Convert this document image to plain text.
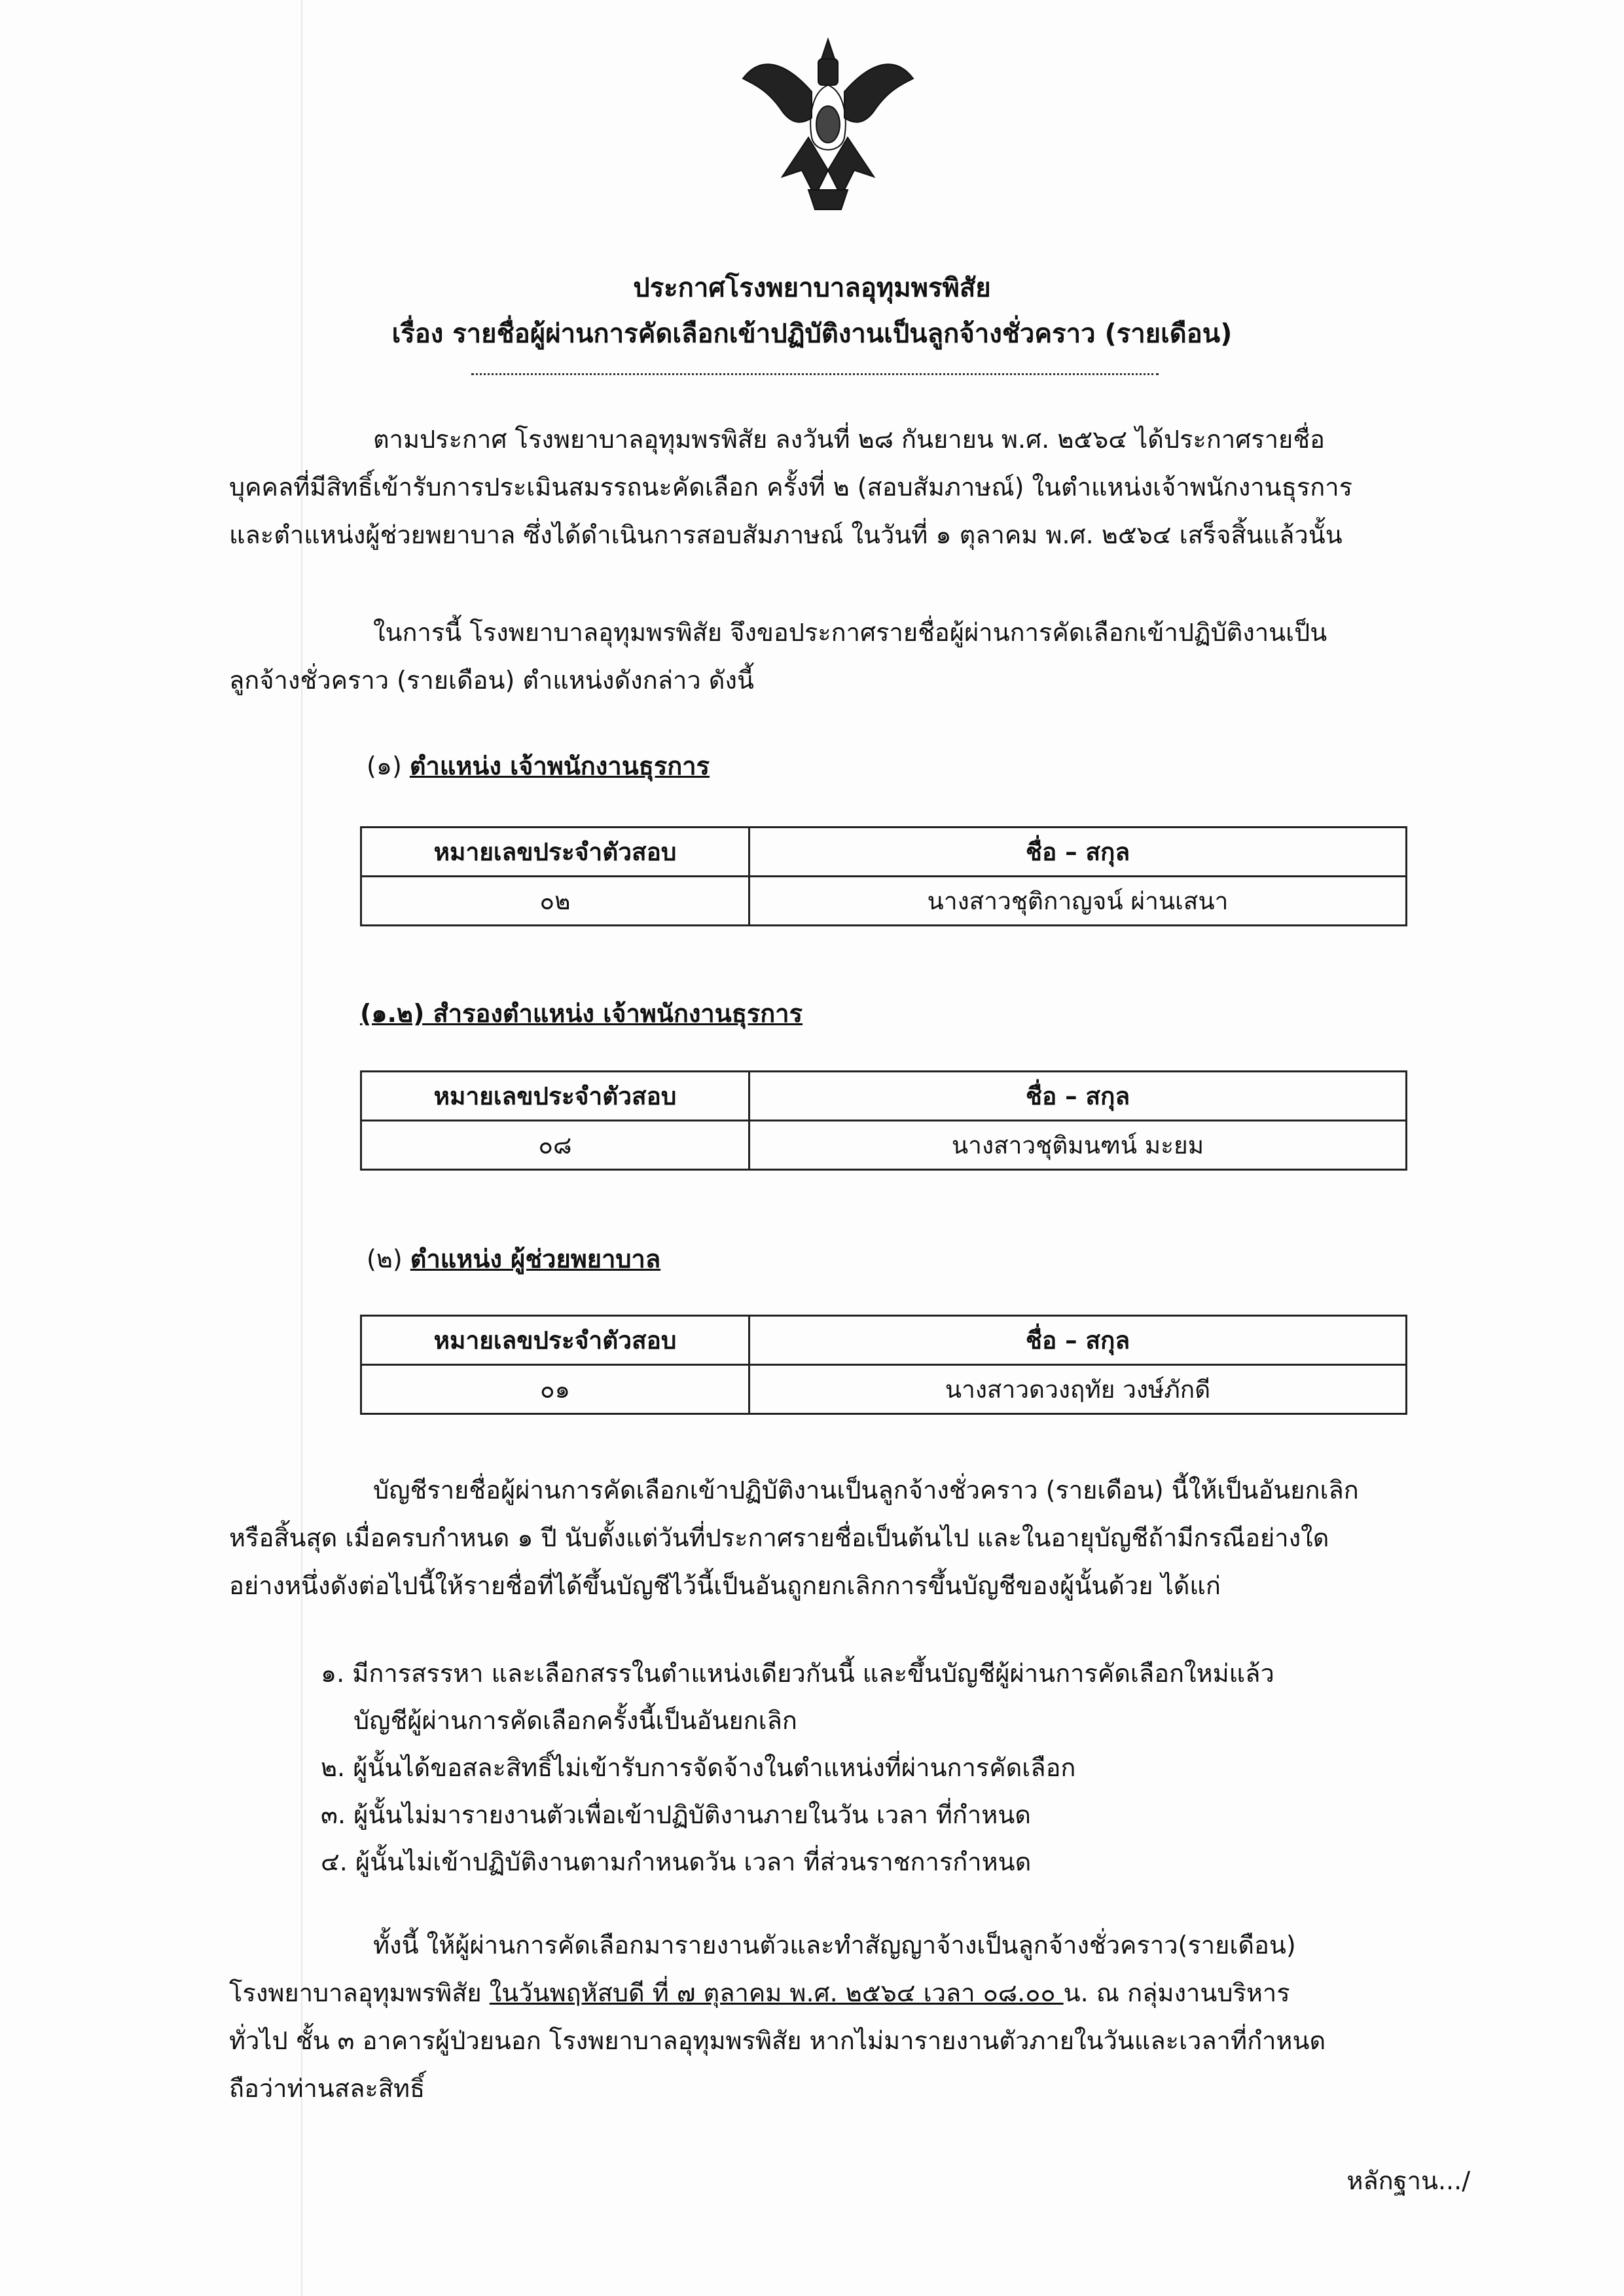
ประกาศโรงพยาบาลอุทุมพรพิสัย
เรื่อง รายชื่อผู้ผ่านการคัดเลือกเข้าปฏิบัติงานเป็นลูกจ้างชั่วคราว (รายเดือน)

ตามประกาศ โรงพยาบาลอุทุมพรพิสัย ลงวันที่ ๒๘ กันยายน พ.ศ. ๒๕๖๔ ได้ประกาศรายชื่อ

บุคคลที่มีสิทธิ์เข้ารับการประเมินสมรรถนะคัดเลือก ครั้งที่ ๒ (สอบสัมภาษณ์) ในตำแหน่งเจ้าพนักงานธุรการ

และตำแหน่งผู้ช่วยพยาบาล ซึ่งได้ดำเนินการสอบสัมภาษณ์ ในวันที่ ๑ ตุลาคม พ.ศ. ๒๕๖๔ เสร็จสิ้นแล้วนั้น

ในการนี้ โรงพยาบาลอุทุมพรพิสัย จึงขอประกาศรายชื่อผู้ผ่านการคัดเลือกเข้าปฏิบัติงานเป็น

ลูกจ้างชั่วคราว (รายเดือน) ตำแหน่งดังกล่าว ดังนี้

(๑) ตำแหน่ง เจ้าพนักงานธุรการ
หมายเลขประจำตัวสอบ	ชื่อ – สกุล
๐๒	นางสาวชุติกาญจน์ ผ่านเสนา
(๑.๒) สำรองตำแหน่ง เจ้าพนักงานธุรการ
หมายเลขประจำตัวสอบ	ชื่อ – สกุล
๐๘	นางสาวชุติมนฑน์ มะยม
(๒) ตำแหน่ง ผู้ช่วยพยาบาล
หมายเลขประจำตัวสอบ	ชื่อ – สกุล
๐๑	นางสาวดวงฤทัย วงษ์ภักดี

บัญชีรายชื่อผู้ผ่านการคัดเลือกเข้าปฏิบัติงานเป็นลูกจ้างชั่วคราว (รายเดือน) นี้ให้เป็นอันยกเลิก

หรือสิ้นสุด เมื่อครบกำหนด ๑ ปี นับตั้งแต่วันที่ประกาศรายชื่อเป็นต้นไป และในอายุบัญชีถ้ามีกรณีอย่างใด

อย่างหนึ่งดังต่อไปนี้ให้รายชื่อที่ได้ขึ้นบัญชีไว้นี้เป็นอันถูกยกเลิกการขึ้นบัญชีของผู้นั้นด้วย ได้แก่

๑. มีการสรรหา และเลือกสรรในตำแหน่งเดียวกันนี้ และขึ้นบัญชีผู้ผ่านการคัดเลือกใหม่แล้ว
บัญชีผู้ผ่านการคัดเลือกครั้งนี้เป็นอันยกเลิก
๒. ผู้นั้นได้ขอสละสิทธิ์ไม่เข้ารับการจัดจ้างในตำแหน่งที่ผ่านการคัดเลือก
๓. ผู้นั้นไม่มารายงานตัวเพื่อเข้าปฏิบัติงานภายในวัน เวลา ที่กำหนด
๔. ผู้นั้นไม่เข้าปฏิบัติงานตามกำหนดวัน เวลา ที่ส่วนราชการกำหนด

ทั้งนี้ ให้ผู้ผ่านการคัดเลือกมารายงานตัวและทำสัญญาจ้างเป็นลูกจ้างชั่วคราว(รายเดือน)

โรงพยาบาลอุทุมพรพิสัย ในวันพฤหัสบดี ที่ ๗ ตุลาคม พ.ศ. ๒๕๖๔ เวลา ๐๘.๐๐ น. ณ กลุ่มงานบริหาร

ทั่วไป ชั้น ๓ อาคารผู้ป่วยนอก โรงพยาบาลอุทุมพรพิสัย หากไม่มารายงานตัวภายในวันและเวลาที่กำหนด

ถือว่าท่านสละสิทธิ์

หลักฐาน.../
